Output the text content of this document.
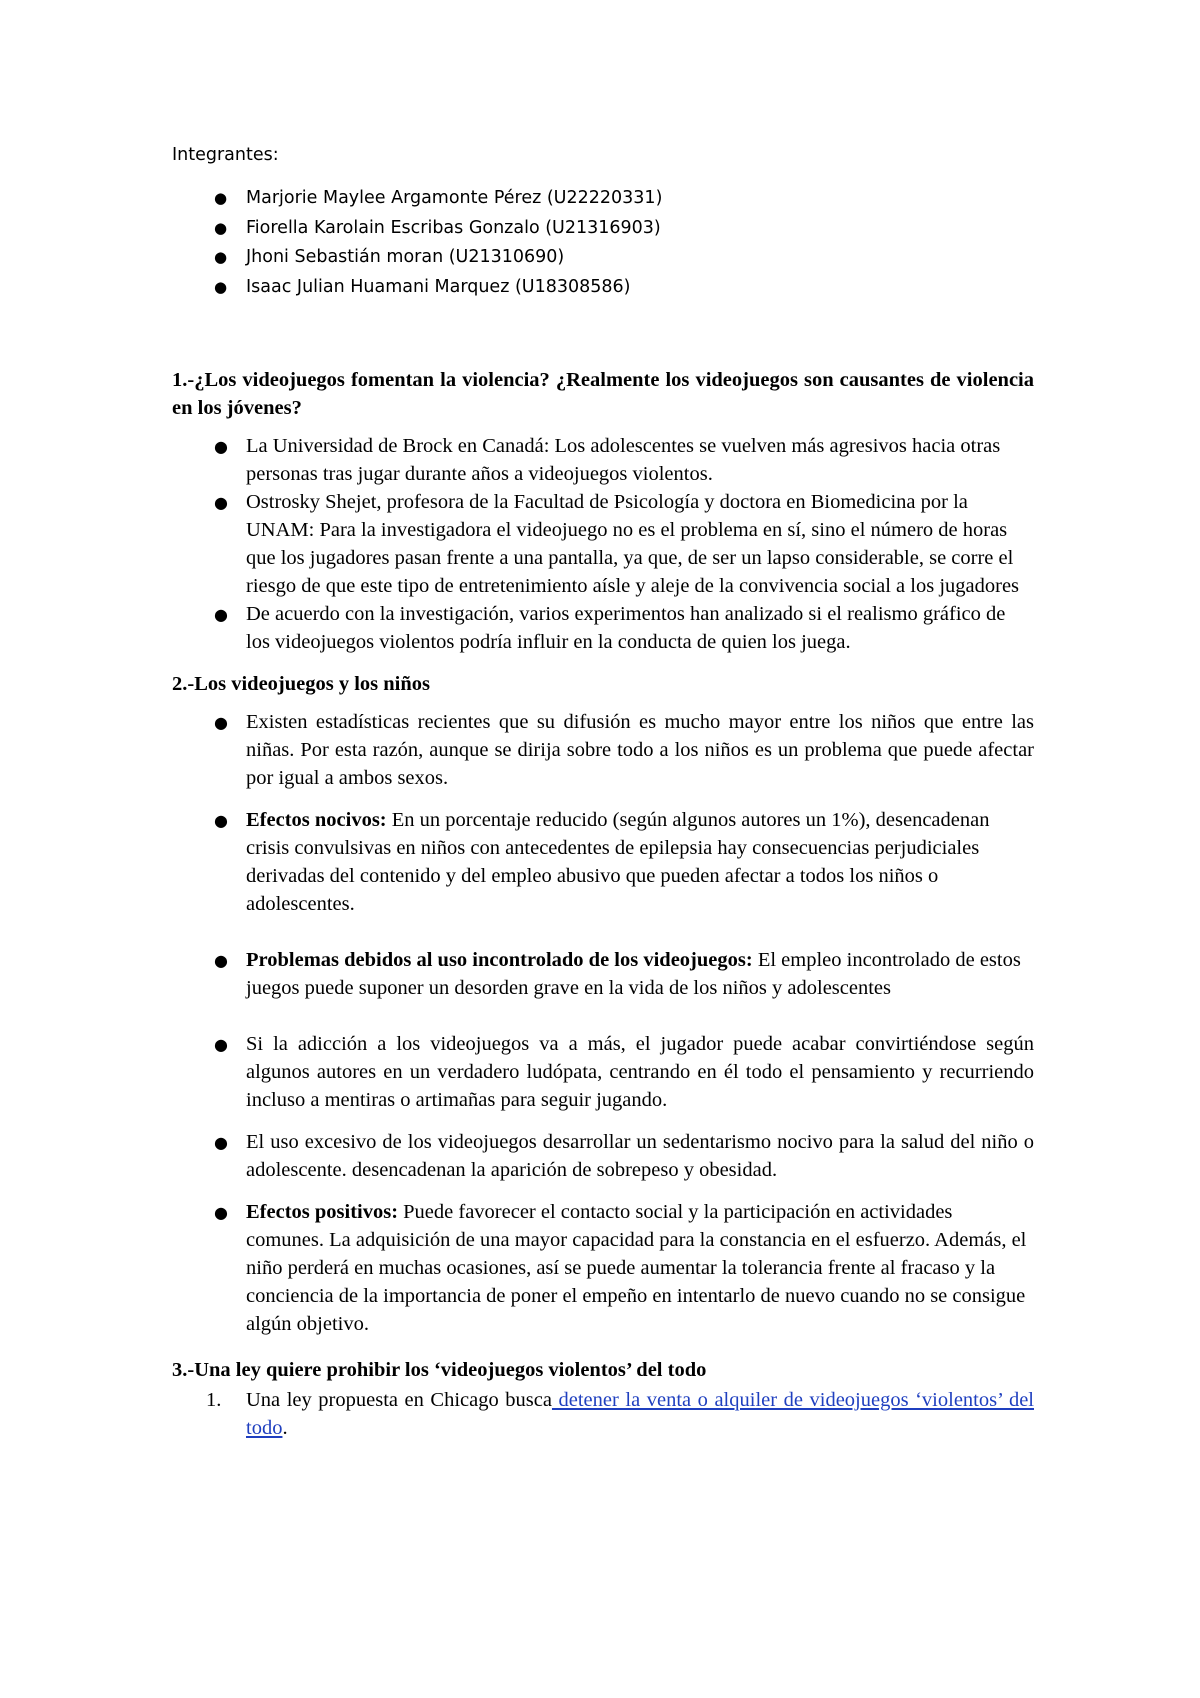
Integrantes:

● Marjorie Maylee Argamonte Pérez (U22220331)
● Fiorella Karolain Escribas Gonzalo (U21316903)
● Jhoni Sebastián moran (U21310690)
● Isaac Julian Huamani Marquez (U18308586)

1.-¿Los videojuegos fomentan la violencia? ¿Realmente los videojuegos son causantes de violencia en los jóvenes?

● La Universidad de Brock en Canadá: Los adolescentes se vuelven más agresivos hacia otras personas tras jugar durante años a videojuegos violentos.
● Ostrosky Shejet, profesora de la Facultad de Psicología y doctora en Biomedicina por la UNAM: Para la investigadora el videojuego no es el problema en sí, sino el número de horas que los jugadores pasan frente a una pantalla, ya que, de ser un lapso considerable, se corre el riesgo de que este tipo de entretenimiento aísle y aleje de la convivencia social a los jugadores
● De acuerdo con la investigación, varios experimentos han analizado si el realismo gráfico de los videojuegos violentos podría influir en la conducta de quien los juega.

2.-Los videojuegos y los niños

● Existen estadísticas recientes que su difusión es mucho mayor entre los niños que entre las niñas. Por esta razón, aunque se dirija sobre todo a los niños es un problema que puede afectar por igual a ambos sexos.
● Efectos nocivos: En un porcentaje reducido (según algunos autores un 1%), desencadenan crisis convulsivas en niños con antecedentes de epilepsia hay consecuencias perjudiciales derivadas del contenido y del empleo abusivo que pueden afectar a todos los niños o adolescentes.
● Problemas debidos al uso incontrolado de los videojuegos: El empleo incontrolado de estos juegos puede suponer un desorden grave en la vida de los niños y adolescentes
● Si la adicción a los videojuegos va a más, el jugador puede acabar convirtiéndose según algunos autores en un verdadero ludópata, centrando en él todo el pensamiento y recurriendo incluso a mentiras o artimañas para seguir jugando.
● El uso excesivo de los videojuegos desarrollar un sedentarismo nocivo para la salud del niño o adolescente. desencadenan la aparición de sobrepeso y obesidad.
● Efectos positivos: Puede favorecer el contacto social y la participación en actividades comunes. La adquisición de una mayor capacidad para la constancia en el esfuerzo. Además, el niño perderá en muchas ocasiones, así se puede aumentar la tolerancia frente al fracaso y la conciencia de la importancia de poner el empeño en intentarlo de nuevo cuando no se consigue algún objetivo.

3.-Una ley quiere prohibir los ‘videojuegos violentos’ del todo

1. Una ley propuesta en Chicago busca detener la venta o alquiler de videojuegos ‘violentos’ del todo.
